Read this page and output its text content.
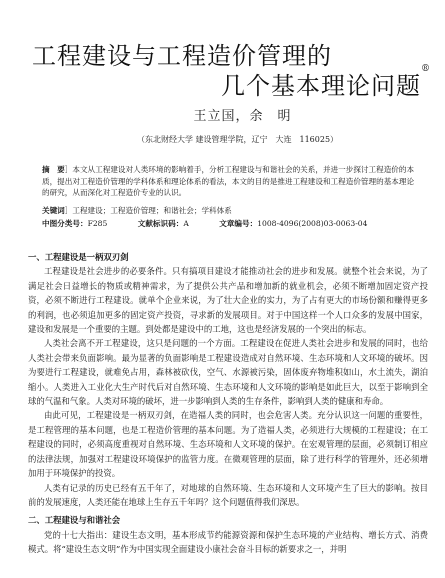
工程建设与工程造价管理的
几个基本理论问题®
王立国，余　明
（东北财经大学 建设管理学院，辽宁　大连　116025）
摘　要］本文从工程建设对人类环境的影响着手，分析工程建设与和谐社会的关系，并进一步探讨工程造价的本质，提出对工程造价管理的学科体系和理论体系的看法，本文的目的是推进工程建设和工程造价管理的基本理论的研究，从而深化对工程造价专业的认识。
关键词］工程建设；工程造价管理；和谐社会；学科体系
中图分类号：F285	文献标识码：A	文章编号：1008-4096(2008)03-0063-04
一、工程建设是一柄双刃剑

工程建设是社会进步的必要条件。只有搞项目建设才能推动社会的进步和发展。就整个社会来说，为了满足社会日益增长的物质或精神需求，为了提供公共产品和增加新的就业机会，必须不断增加固定资产投资，必须不断进行工程建设。就单个企业来说，为了壮大企业的实力，为了占有更大的市场份额和赚得更多的利润，也必须追加更多的固定资产投资，寻求新的发展项目。对于中国这样一个人口众多的发展中国家，建设和发展是一个重要的主题。到处都是建设中的工地，这也是经济发展的一个突出的标志。

人类社会离不开工程建设，这只是问题的一个方面。工程建设在促进人类社会进步和发展的同时，也给人类社会带来负面影响。最为显著的负面影响是工程建设造成对自然环境、生态环境和人文环境的破坏。因为要进行工程建设，就难免占用，森林被砍伐，空气、水源被污染，固体废弃物堆积如山，水土流失，湖泊缩小。人类进入工业化大生产时代后对自然环境、生态环境和人文环境的影响是如此巨大，以至于影响到全球的气温和气象。人类对环境的破坏，进一步影响到人类的生存条件，影响到人类的健康和寿命。

由此可见，工程建设是一柄双刃剑，在造福人类的同时，也会危害人类。充分认识这一问题的重要性，是工程管理的基本问题，也是工程造价管理的基本问题。为了造福人类，必须进行大规模的工程建设；在工程建设的同时，必须高度重视对自然环境、生态环境和人文环境的保护。在宏观管理的层面，必须制订相应的法律法规，加强对工程建设环境保护的监管力度。在微观管理的层面，除了进行科学的管理外，还必须增加用于环境保护的投资。

人类有记录的历史已经有五千年了，对地球的自然环境、生态环境和人文环境产生了巨大的影响。按目前的发展速度，人类还能在地球上生存五千年吗？这个问题值得我们深思。

二、工程建设与和谐社会

党的十七大指出：建设生态文明，基本形成节约能源资源和保护生态环境的产业结构、增长方式、消费模式。将“建设生态文明”作为中国实现全面建设小康社会奋斗目标的新要求之一，并明
